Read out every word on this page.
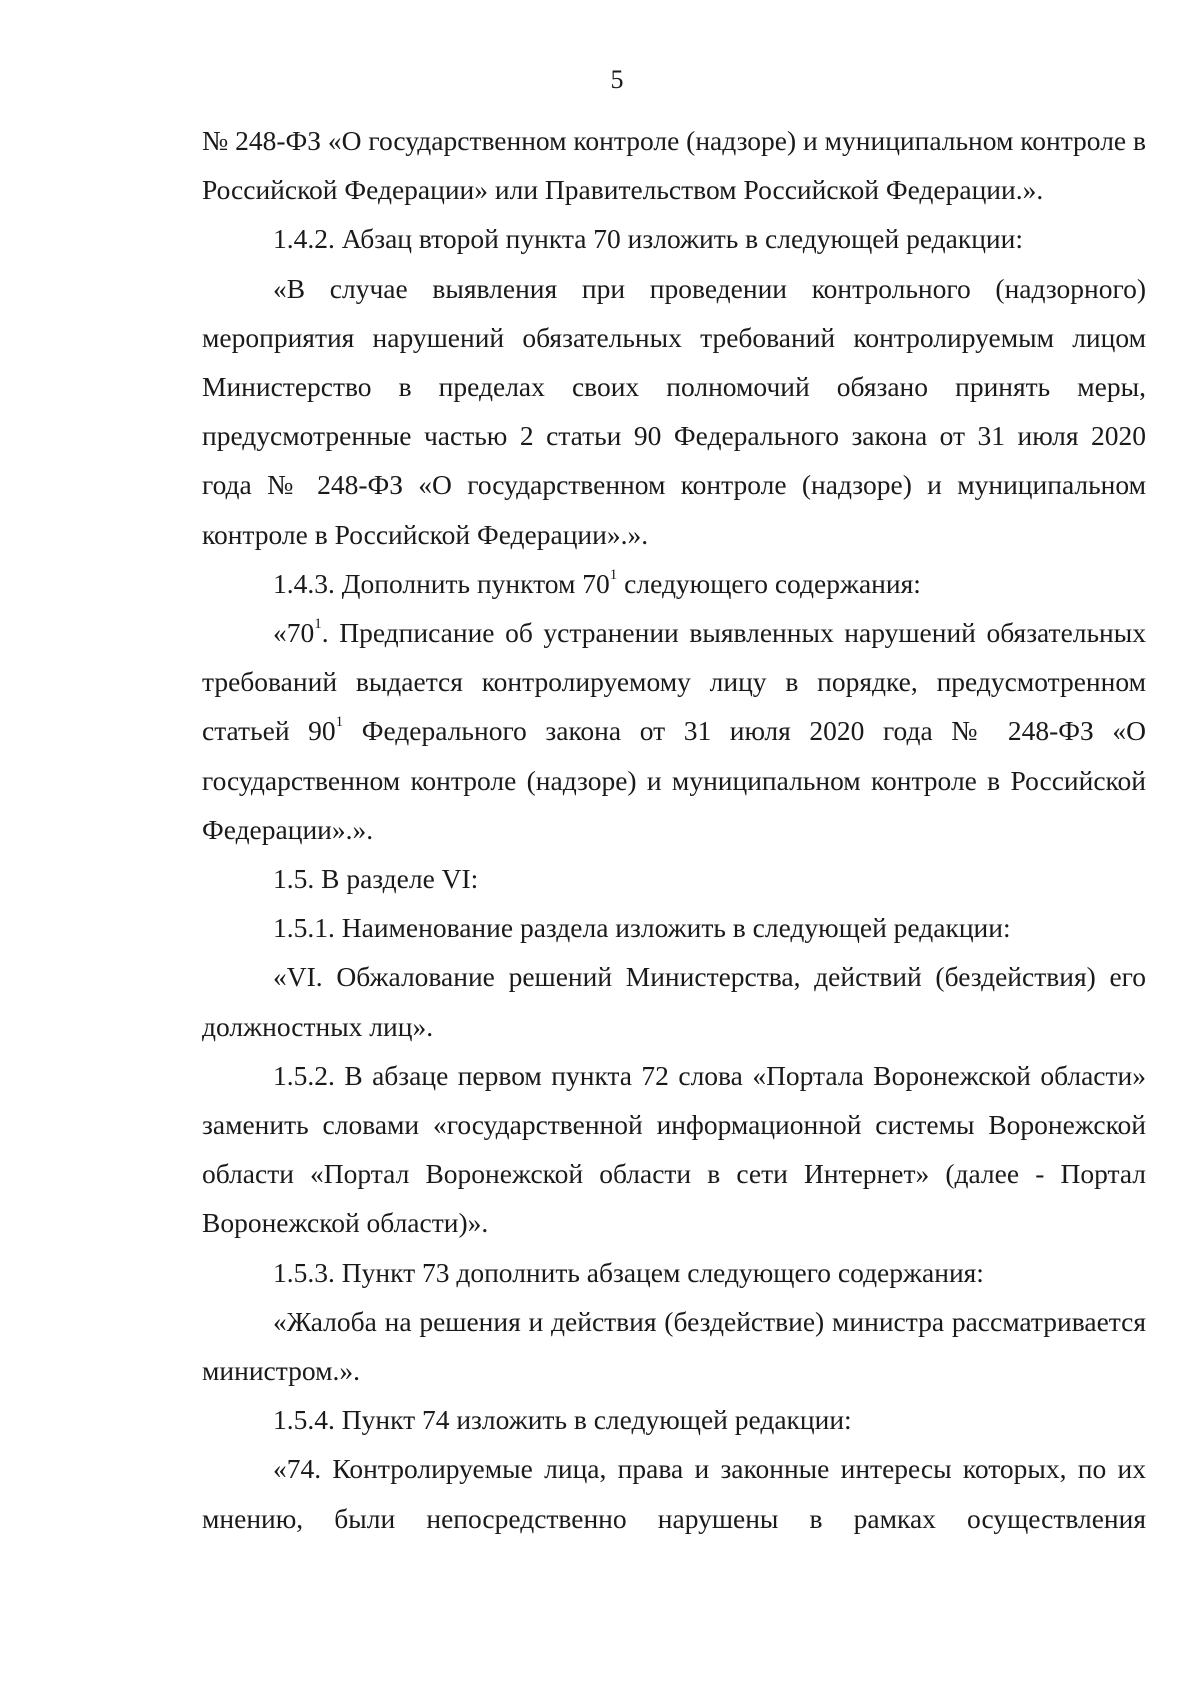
5

№ 248-ФЗ «О государственном контроле (надзоре) и муниципальном контроле в Российской Федерации» или Правительством Российской Федерации.».

1.4.2. Абзац второй пункта 70 изложить в следующей редакции:

«В случае выявления при проведении контрольного (надзорного) мероприятия нарушений обязательных требований контролируемым лицом Министерство в пределах своих полномочий обязано принять меры, предусмотренные частью 2 статьи 90 Федерального закона от 31 июля 2020 года № 248-ФЗ «О государственном контроле (надзоре) и муниципальном контроле в Российской Федерации».».

1.4.3. Дополнить пунктом $70^1$ следующего содержания:

«$70^1$. Предписание об устранении выявленных нарушений обязательных требований выдается контролируемому лицу в порядке, предусмотренном статьей $90^1$ Федерального закона от 31 июля 2020 года № 248-ФЗ «О государственном контроле (надзоре) и муниципальном контроле в Российской Федерации».».

1.5. В разделе VI:

1.5.1. Наименование раздела изложить в следующей редакции:

«VI. Обжалование решений Министерства, действий (бездействия) его должностных лиц».

1.5.2. В абзаце первом пункта 72 слова «Портала Воронежской области» заменить словами «государственной информационной системы Воронежской области «Портал Воронежской области в сети Интернет» (далее - Портал Воронежской области)».

1.5.3. Пункт 73 дополнить абзацем следующего содержания:

«Жалоба на решения и действия (бездействие) министра рассматривается министром.».

1.5.4. Пункт 74 изложить в следующей редакции:

«74. Контролируемые лица, права и законные интересы которых, по их мнению, были непосредственно нарушены в рамках осуществления
